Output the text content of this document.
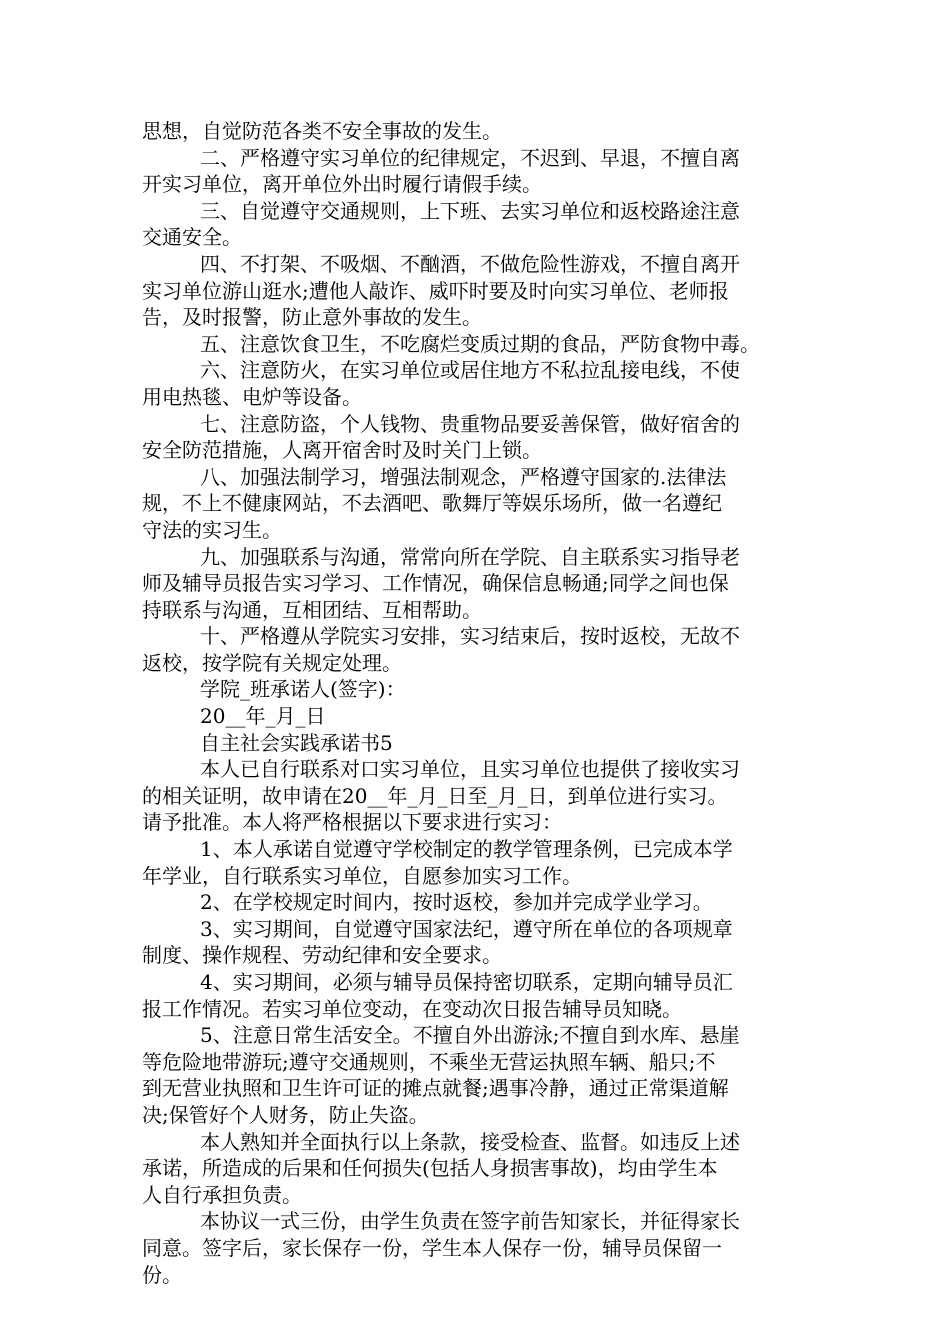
思想，自觉防范各类不安全事故的发生。
二、严格遵守实习单位的纪律规定，不迟到、早退，不擅自离
开实习单位，离开单位外出时履行请假手续。
三、自觉遵守交通规则，上下班、去实习单位和返校路途注意
交通安全。
四、不打架、不吸烟、不酗酒，不做危险性游戏，不擅自离开
实习单位游山逛水;遭他人敲诈、威吓时要及时向实习单位、老师报
告，及时报警，防止意外事故的发生。
五、注意饮食卫生，不吃腐烂变质过期的食品，严防食物中毒。
六、注意防火，在实习单位或居住地方不私拉乱接电线，不使
用电热毯、电炉等设备。
七、注意防盗，个人钱物、贵重物品要妥善保管，做好宿舍的
安全防范措施，人离开宿舍时及时关门上锁。
八、加强法制学习，增强法制观念，严格遵守国家的.法律法
规，不上不健康网站，不去酒吧、歌舞厅等娱乐场所，做一名遵纪
守法的实习生。
九、加强联系与沟通，常常向所在学院、自主联系实习指导老
师及辅导员报告实习学习、工作情况，确保信息畅通;同学之间也保
持联系与沟通，互相团结、互相帮助。
十、严格遵从学院实习安排，实习结束后，按时返校，无故不
返校，按学院有关规定处理。
学院_班承诺人(签字)：
20__年_月_日
自主社会实践承诺书5
本人已自行联系对口实习单位，且实习单位也提供了接收实习
的相关证明，故申请在20__年_月_日至_月_日，到单位进行实习。
请予批准。本人将严格根据以下要求进行实习：
1、本人承诺自觉遵守学校制定的教学管理条例，已完成本学
年学业，自行联系实习单位，自愿参加实习工作。
2、在学校规定时间内，按时返校，参加并完成学业学习。
3、实习期间，自觉遵守国家法纪，遵守所在单位的各项规章
制度、操作规程、劳动纪律和安全要求。
4、实习期间，必须与辅导员保持密切联系，定期向辅导员汇
报工作情况。若实习单位变动，在变动次日报告辅导员知晓。
5、注意日常生活安全。不擅自外出游泳;不擅自到水库、悬崖
等危险地带游玩;遵守交通规则，不乘坐无营运执照车辆、船只;不
到无营业执照和卫生许可证的摊点就餐;遇事冷静，通过正常渠道解
决;保管好个人财务，防止失盗。
本人熟知并全面执行以上条款，接受检查、监督。如违反上述
承诺，所造成的后果和任何损失(包括人身损害事故)，均由学生本
人自行承担负责。
本协议一式三份，由学生负责在签字前告知家长，并征得家长
同意。签字后，家长保存一份，学生本人保存一份，辅导员保留一
份。
